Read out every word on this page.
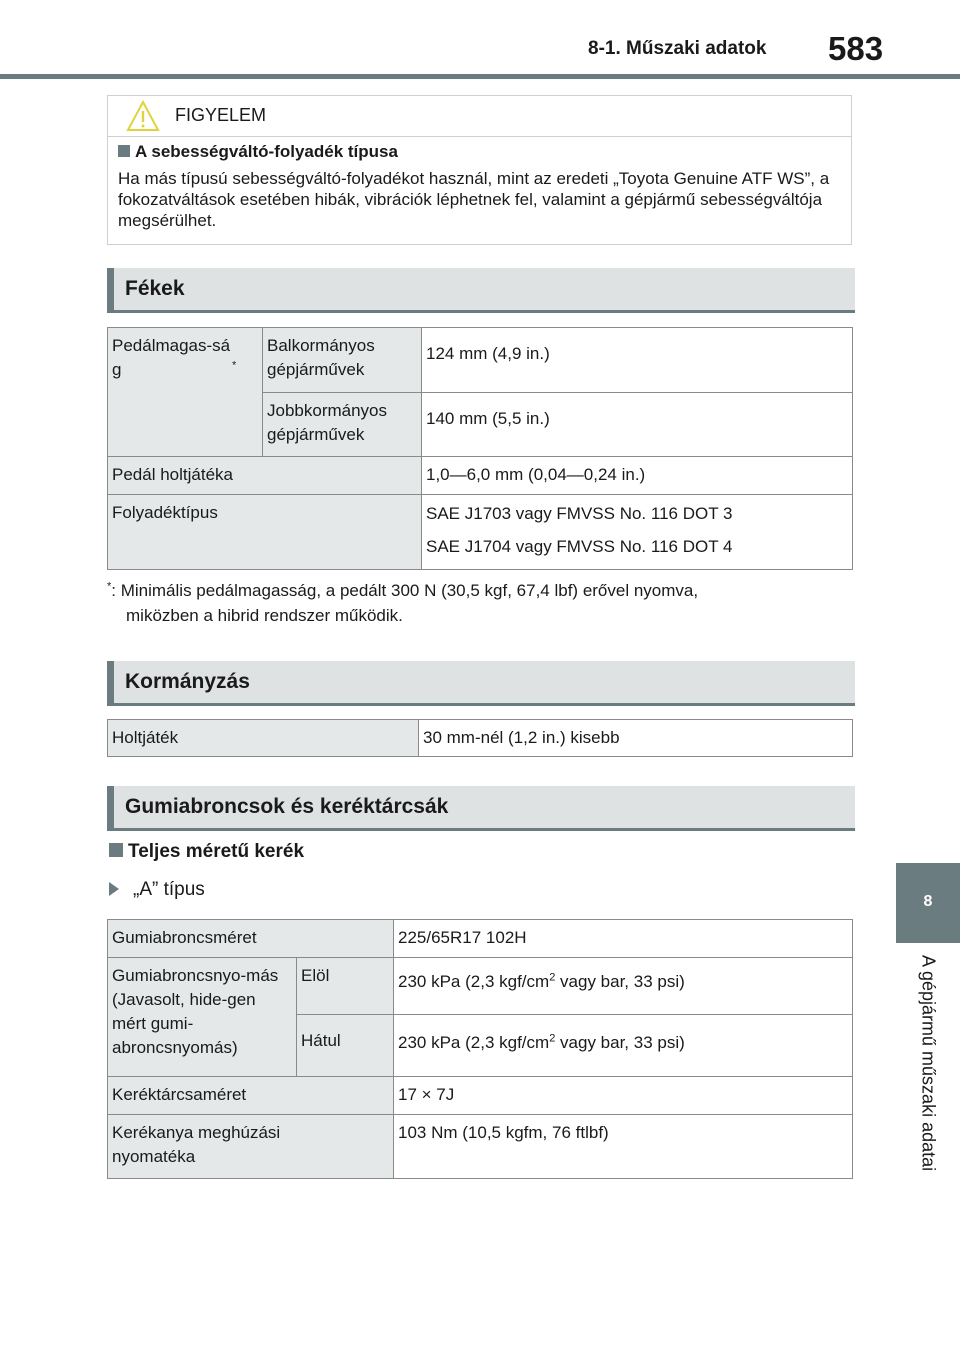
8-1. Műszaki adatok 583
8
A gépjármű műszaki adatai
FIGYELEM
A sebességváltó-folyadék típusa
Ha más típusú sebességváltó-folyadékot használ, mint az eredeti „Toyota Genuine ATF WS”, a fokozatváltások esetében hibák, vibrációk léphetnek fel, valamint a gépjármű sebességváltója megsérülhet.
Fékek
Pedálmagas-ság *	Balkormányos gépjárművek	124 mm (4,9 in.)
	Jobbkormányos gépjárművek	140 mm (5,5 in.)
Pedál holtjátéka		1,0—6,0 mm (0,04—0,24 in.)
Folyadéktípus		SAE J1703 vagy FMVSS No. 116 DOT 3
SAE J1704 vagy FMVSS No. 116 DOT 4
*: Minimális pedálmagasság, a pedált 300 N (30,5 kgf, 67,4 lbf) erővel nyomva,
miközben a hibrid rendszer működik.
Kormányzás
Holtjáték	30 mm-nél (1,2 in.) kisebb
Gumiabroncsok és keréktárcsák
Teljes méretű kerék
„A” típus
Gumiabroncsméret		225/65R17 102H
Gumiabroncsnyo-más (Javasolt, hide-gen mért gumi-abroncsnyomás)	Elöl	230 kPa (2,3 kgf/$cm^2$ vagy bar, 33 psi)
	Hátul	230 kPa (2,3 kgf/$cm^2$ vagy bar, 33 psi)
Keréktárcsaméret		17 × 7J
Kerékanya meghúzási nyomatéka		103 Nm (10,5 kgfm, 76 ftlbf)
